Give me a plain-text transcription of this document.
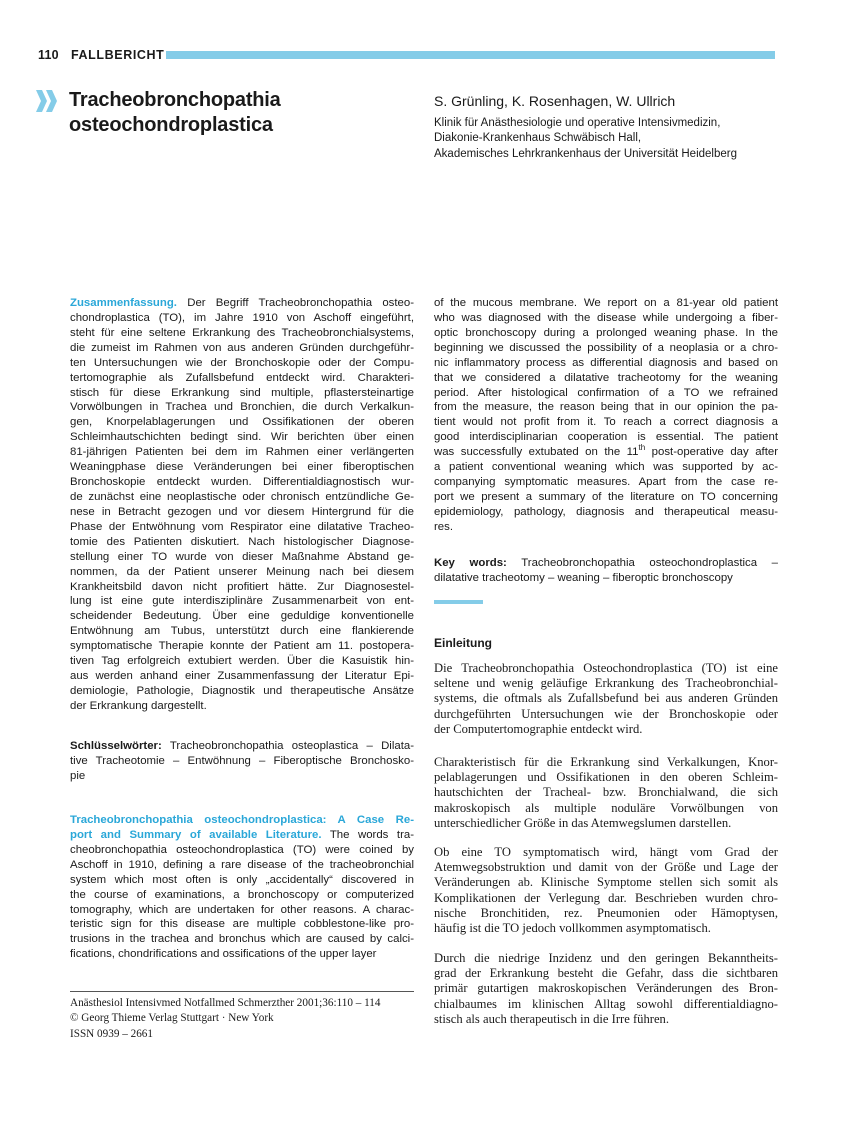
110 FALLBERICHT
Tracheobronchopathia
osteochondroplastica
S. Grünling, K. Rosenhagen, W. Ullrich
Klinik für Anästhesiologie und operative Intensivmedizin,
Diakonie-Krankenhaus Schwäbisch Hall,
Akademisches Lehrkrankenhaus der Universität Heidelberg
Zusammenfassung. Der Begriff Tracheobronchopathia osteo-
chondroplastica (TO), im Jahre 1910 von Aschoff eingeführt,
steht für eine seltene Erkrankung des Tracheobronchialsystems,
die zumeist im Rahmen von aus anderen Gründen durchgeführ-
ten Untersuchungen wie der Bronchoskopie oder der Compu-
tertomographie als Zufallsbefund entdeckt wird. Charakteri-
stisch für diese Erkrankung sind multiple, pflastersteinartige
Vorwölbungen in Trachea und Bronchien, die durch Verkalkun-
gen, Knorpelablagerungen und Ossifikationen der oberen
Schleimhautschichten bedingt sind. Wir berichten über einen
81-jährigen Patienten bei dem im Rahmen einer verlängerten
Weaningphase diese Veränderungen bei einer fiberoptischen
Bronchoskopie entdeckt wurden. Differentialdiagnostisch wur-
de zunächst eine neoplastische oder chronisch entzündliche Ge-
nese in Betracht gezogen und vor diesem Hintergrund für die
Phase der Entwöhnung vom Respirator eine dilatative Tracheo-
tomie des Patienten diskutiert. Nach histologischer Diagnose-
stellung einer TO wurde von dieser Maßnahme Abstand ge-
nommen, da der Patient unserer Meinung nach bei diesem
Krankheitsbild davon nicht profitiert hätte. Zur Diagnosestel-
lung ist eine gute interdisziplinäre Zusammenarbeit von ent-
scheidender Bedeutung. Über eine geduldige konventionelle
Entwöhnung am Tubus, unterstützt durch eine flankierende
symptomatische Therapie konnte der Patient am 11. postopera-
tiven Tag erfolgreich extubiert werden. Über die Kasuistik hin-
aus werden anhand einer Zusammenfassung der Literatur Epi-
demiologie, Pathologie, Diagnostik und therapeutische Ansätze
der Erkrankung dargestellt.
Schlüsselwörter: Tracheobronchopathia osteoplastica – Dilata-
tive Tracheotomie – Entwöhnung – Fiberoptische Bronchosko-
pie
Tracheobronchopathia osteochondroplastica: A Case Re-
port and Summary of available Literature. The words tra-
cheobronchopathia osteochondroplastica (TO) were coined by
Aschoff in 1910, defining a rare disease of the tracheobronchial
system which most often is only „accidentally“ discovered in
the course of examinations, a bronchoscopy or computerized
tomography, which are undertaken for other reasons. A charac-
teristic sign for this disease are multiple cobblestone-like pro-
trusions in the trachea and bronchus which are caused by calci-
fications, chondrifications and ossifications of the upper layer
of the mucous membrane. We report on a 81-year old patient
who was diagnosed with the disease while undergoing a fiber-
optic bronchoscopy during a prolonged weaning phase. In the
beginning we discussed the possibility of a neoplasia or a chro-
nic inflammatory process as differential diagnosis and based on
that we considered a dilatative tracheotomy for the weaning
period. After histological confirmation of a TO we refrained
from the measure, the reason being that in our opinion the pa-
tient would not profit from it. To reach a correct diagnosis a
good interdisciplinarian cooperation is essential. The patient
was successfully extubated on the 11th post-operative day after
a patient conventional weaning which was supported by ac-
companying symptomatic measures. Apart from the case re-
port we present a summary of the literature on TO concerning
epidemiology, pathology, diagnosis and therapeutical measu-
res.
Key words: Tracheobronchopathia osteochondroplastica –
dilatative tracheotomy – weaning – fiberoptic bronchoscopy
Einleitung
Die Tracheobronchopathia Osteochondroplastica (TO) ist eine
seltene und wenig geläufige Erkrankung des Tracheobronchial-
systems, die oftmals als Zufallsbefund bei aus anderen Gründen
durchgeführten Untersuchungen wie der Bronchoskopie oder
der Computertomographie entdeckt wird.
Charakteristisch für die Erkrankung sind Verkalkungen, Knor-
pelablagerungen und Ossifikationen in den oberen Schleim-
hautschichten der Tracheal- bzw. Bronchialwand, die sich
makroskopisch als multiple noduläre Vorwölbungen von
unterschiedlicher Größe in das Atemwegslumen darstellen.
Ob eine TO symptomatisch wird, hängt vom Grad der
Atemwegsobstruktion und damit von der Größe und Lage der
Veränderungen ab. Klinische Symptome stellen sich somit als
Komplikationen der Verlegung dar. Beschrieben wurden chro-
nische Bronchitiden, rez. Pneumonien oder Hämoptysen,
häufig ist die TO jedoch vollkommen asymptomatisch.
Durch die niedrige Inzidenz und den geringen Bekanntheits-
grad der Erkrankung besteht die Gefahr, dass die sichtbaren
primär gutartigen makroskopischen Veränderungen des Bron-
chialbaumes im klinischen Alltag sowohl differentialdiagno-
stisch als auch therapeutisch in die Irre führen.
Anästhesiol Intensivmed Notfallmed Schmerzther 2001;36:110 – 114
© Georg Thieme Verlag Stuttgart · New York
ISSN 0939 – 2661
